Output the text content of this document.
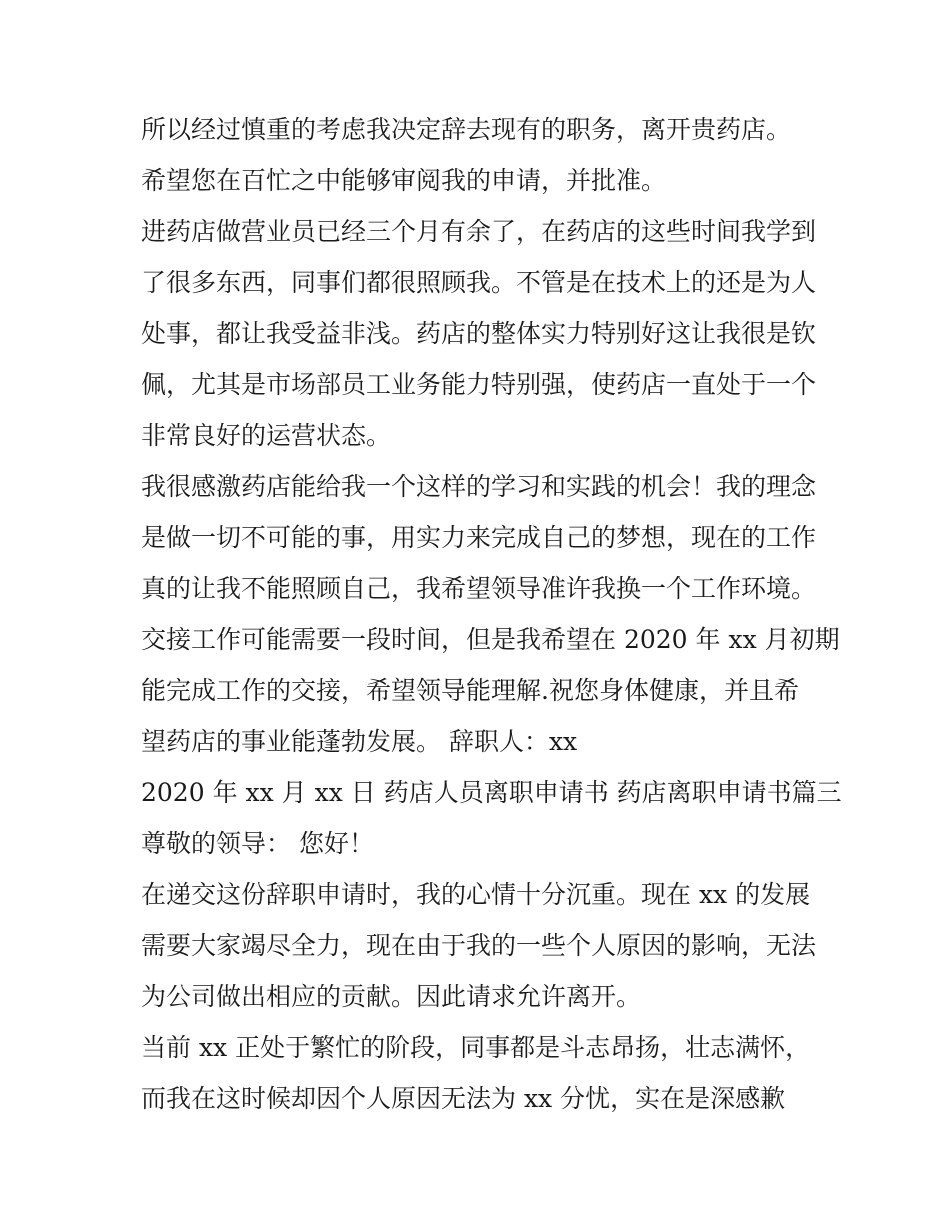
所以经过慎重的考虑我决定辞去现有的职务，离开贵药店。
希望您在百忙之中能够审阅我的申请，并批准。
进药店做营业员已经三个月有余了，在药店的这些时间我学到
了很多东西，同事们都很照顾我。不管是在技术上的还是为人
处事，都让我受益非浅。药店的整体实力特别好这让我很是钦
佩，尤其是市场部员工业务能力特别强，使药店一直处于一个
非常良好的运营状态。
我很感激药店能给我一个这样的学习和实践的机会！我的理念
是做一切不可能的事，用实力来完成自己的梦想，现在的工作
真的让我不能照顾自己，我希望领导准许我换一个工作环境。
交接工作可能需要一段时间，但是我希望在 2020 年 xx 月初期
能完成工作的交接，希望领导能理解.祝您身体健康，并且希
望药店的事业能蓬勃发展。 辞职人：xx
2020 年 xx 月 xx 日 药店人员离职申请书 药店离职申请书篇三
尊敬的领导： 您好！
在递交这份辞职申请时，我的心情十分沉重。现在 xx 的发展
需要大家竭尽全力，现在由于我的一些个人原因的影响，无法
为公司做出相应的贡献。因此请求允许离开。
当前 xx 正处于繁忙的阶段，同事都是斗志昂扬，壮志满怀，
而我在这时候却因个人原因无法为 xx 分忧，实在是深感歉
